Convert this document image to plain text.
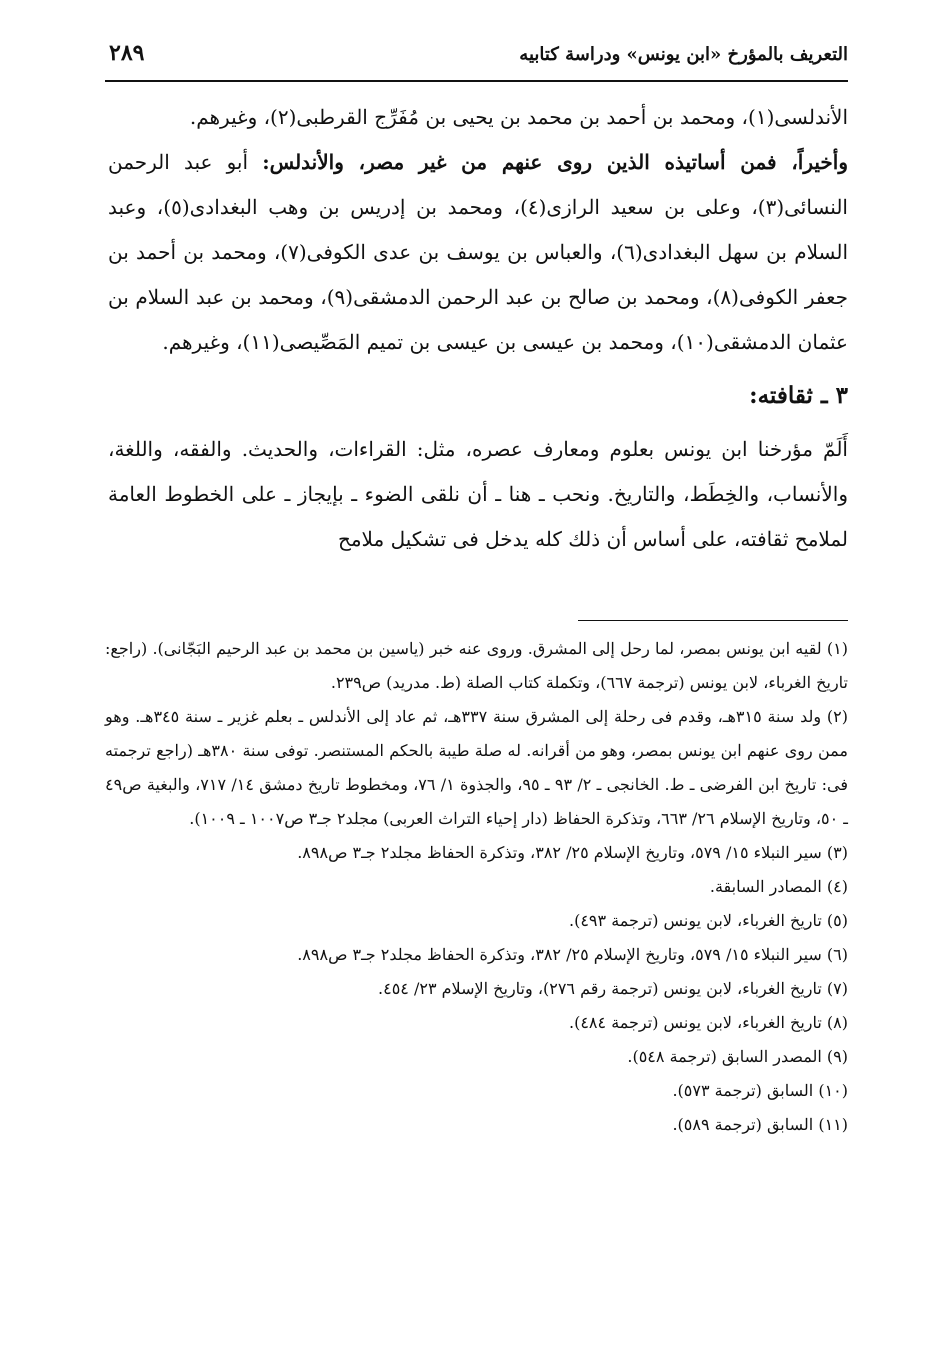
التعريف بالمؤرخ «ابن يونس» ودراسة كتابيه
٢٨٩

الأندلسى(١)، ومحمد بن أحمد بن محمد بن يحيى بن مُفَرِّج القرطبى(٢)، وغيرهم.

وأخيراً، فمن أساتيذه الذين روى عنهم من غير مصر، والأندلس: أبو عبد الرحمن النسائى(٣)، وعلى بن سعيد الرازى(٤)، ومحمد بن إدريس بن وهب البغدادى(٥)، وعبد السلام بن سهل البغدادى(٦)، والعباس بن يوسف بن عدى الكوفى(٧)، ومحمد بن أحمد بن جعفر الكوفى(٨)، ومحمد بن صالح بن عبد الرحمن الدمشقى(٩)، ومحمد بن عبد السلام بن عثمان الدمشقى(١٠)، ومحمد بن عيسى بن عيسى بن تميم المَصِّيصى(١١)، وغيرهم.

٣ ـ ثقافته:

أَلَمّ مؤرخنا ابن يونس بعلوم ومعارف عصره، مثل: القراءات، والحديث. والفقه، واللغة، والأنساب، والخِطَط، والتاريخ. ونحب ـ هنا ـ أن نلقى الضوء ـ بإيجاز ـ على الخطوط العامة لملامح ثقافته، على أساس أن ذلك كله يدخل فى تشكيل ملامح

(١) لقيه ابن يونس بمصر، لما رحل إلى المشرق. وروى عنه خبر (ياسين بن محمد بن عبد الرحيم البَجّانى). (راجع: تاريخ الغرباء، لابن يونس (ترجمة ٦٦٧)، وتكملة كتاب الصلة (ط. مدريد) ص٢٣٩.

(٢) ولد سنة ٣١٥هـ، وقدم فى رحلة إلى المشرق سنة ٣٣٧هـ، ثم عاد إلى الأندلس ـ بعلم غزير ـ سنة ٣٤٥هـ. وهو ممن روى عنهم ابن يونس بمصر، وهو من أقرانه. له صلة طيبة بالحكم المستنصر. توفى سنة ٣٨٠هـ (راجع ترجمته فى: تاريخ ابن الفرضى ـ ط. الخانجى ـ ٢/ ٩٣ ـ ٩٥، والجذوة ١/ ٧٦، ومخطوط تاريخ دمشق ١٤/ ٧١٧، والبغية ص٤٩ ـ ٥٠، وتاريخ الإسلام ٢٦/ ٦٦٣، وتذكرة الحفاظ (دار إحياء التراث العربى) مجلد٢ جـ٣ ص١٠٠٧ ـ ١٠٠٩).

(٣) سير النبلاء ١٥/ ٥٧٩، وتاريخ الإسلام ٢٥/ ٣٨٢، وتذكرة الحفاظ مجلد٢ جـ٣ ص٨٩٨.

(٤) المصادر السابقة.

(٥) تاريخ الغرباء، لابن يونس (ترجمة ٤٩٣).

(٦) سير النبلاء ١٥/ ٥٧٩، وتاريخ الإسلام ٢٥/ ٣٨٢، وتذكرة الحفاظ مجلد٢ جـ٣ ص٨٩٨.

(٧) تاريخ الغرباء، لابن يونس (ترجمة رقم ٢٧٦)، وتاريخ الإسلام ٢٣/ ٤٥٤.

(٨) تاريخ الغرباء، لابن يونس (ترجمة ٤٨٤).

(٩) المصدر السابق (ترجمة ٥٤٨).

(١٠) السابق (ترجمة ٥٧٣).

(١١) السابق (ترجمة ٥٨٩).
